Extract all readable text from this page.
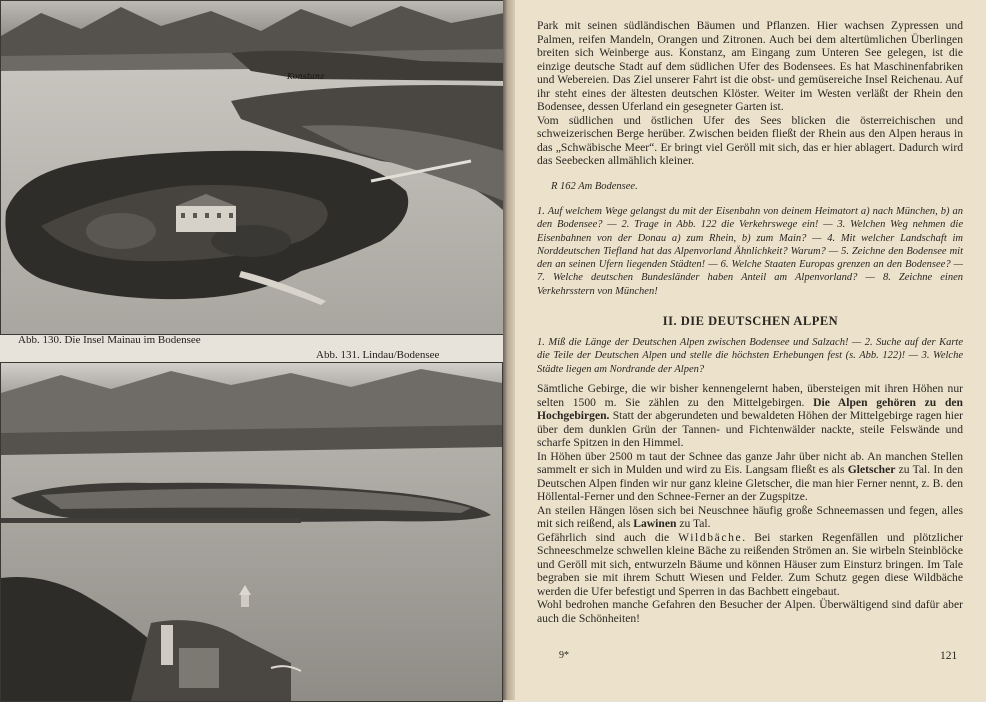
Konstanz
Abb. 130. Die Insel Mainau im Bodensee
Abb. 131. Lindau/Bodensee

Park mit seinen südländischen Bäumen und Pflanzen. Hier wachsen Zypressen und Palmen, reifen Mandeln, Orangen und Zitronen. Auch bei dem altertümlichen Überlingen breiten sich Weinberge aus. Konstanz, am Eingang zum Unteren See gelegen, ist die einzige deutsche Stadt auf dem südlichen Ufer des Bodensees. Es hat Maschinenfabriken und Webereien. Das Ziel unserer Fahrt ist die obst- und gemüsereiche Insel Reichenau. Auf ihr steht eines der ältesten deutschen Klöster. Weiter im Westen verläßt der Rhein den Bodensee, dessen Uferland ein gesegneter Garten ist.

Vom südlichen und östlichen Ufer des Sees blicken die österreichischen und schweizerischen Berge herüber. Zwischen beiden fließt der Rhein aus den Alpen heraus in das „Schwäbische Meer“. Er bringt viel Geröll mit sich, das er hier ablagert. Dadurch wird das Seebecken allmählich kleiner.

R 162 Am Bodensee.
1. Auf welchem Wege gelangst du mit der Eisenbahn von deinem Heimatort a) nach München, b) an den Bodensee? — 2. Trage in Abb. 122 die Verkehrswege ein! — 3. Welchen Weg nehmen die Eisenbahnen von der Donau a) zum Rhein, b) zum Main? — 4. Mit welcher Landschaft im Norddeutschen Tiefland hat das Alpenvorland Ähnlichkeit? Warum? — 5. Zeichne den Bodensee mit den an seinen Ufern liegenden Städten! — 6. Welche Staaten Europas grenzen an den Bodensee? — 7. Welche deutschen Bundesländer haben Anteil am Alpenvorland? — 8. Zeichne einen Verkehrsstern von München!
II. DIE DEUTSCHEN ALPEN
1. Miß die Länge der Deutschen Alpen zwischen Bodensee und Salzach! — 2. Suche auf der Karte die Teile der Deutschen Alpen und stelle die höchsten Erhebungen fest (s. Abb. 122)! — 3. Welche Städte liegen am Nordrande der Alpen?

Sämtliche Gebirge, die wir bisher kennengelernt haben, übersteigen mit ihren Höhen nur selten 1500 m. Sie zählen zu den Mittelgebirgen. Die Alpen gehören zu den Hochgebirgen. Statt der abgerundeten und bewaldeten Höhen der Mittelgebirge ragen hier über dem dunklen Grün der Tannen- und Fichtenwälder nackte, steile Felswände und scharfe Spitzen in den Himmel.

In Höhen über 2500 m taut der Schnee das ganze Jahr über nicht ab. An manchen Stellen sammelt er sich in Mulden und wird zu Eis. Langsam fließt es als Gletscher zu Tal. In den Deutschen Alpen finden wir nur ganz kleine Gletscher, die man hier Ferner nennt, z. B. den Höllental-Ferner und den Schnee-Ferner an der Zugspitze.

An steilen Hängen lösen sich bei Neuschnee häufig große Schneemassen und fegen, alles mit sich reißend, als Lawinen zu Tal.

Gefährlich sind auch die Wildbäche. Bei starken Regenfällen und plötzlicher Schneeschmelze schwellen kleine Bäche zu reißenden Strömen an. Sie wirbeln Steinblöcke und Geröll mit sich, entwurzeln Bäume und können Häuser zum Einsturz bringen. Im Tale begraben sie mit ihrem Schutt Wiesen und Felder. Zum Schutz gegen diese Wildbäche werden die Ufer befestigt und Sperren in das Bachbett eingebaut.

Wohl bedrohen manche Gefahren den Besucher der Alpen. Überwältigend sind dafür aber auch die Schönheiten!

9*	121
